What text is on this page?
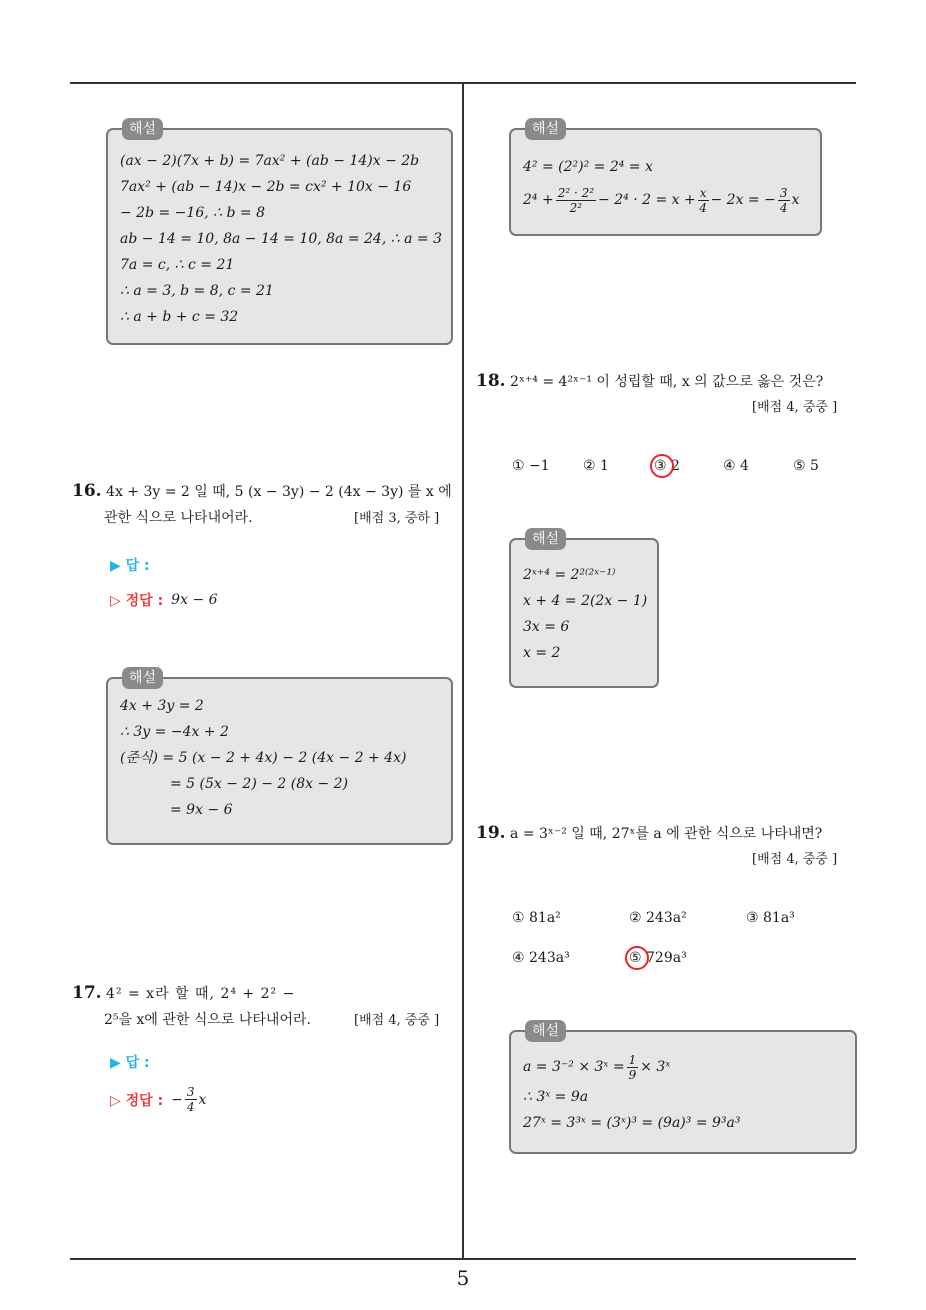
5
해설
(ax − 2)(7x + b) = 7ax² + (ab − 14)x − 2b
7ax² + (ab − 14)x − 2b = cx² + 10x − 16
− 2b = −16, ∴ b = 8
ab − 14 = 10, 8a − 14 = 10, 8a = 24, ∴ a = 3
7a = c, ∴ c = 21
∴ a = 3, b = 8, c = 21
∴ a + b + c = 32
16. 4x + 3y = 2 일 때, 5 (x − 3y) − 2 (4x − 3y) 를 x 에
관한 식으로 나타내어라.	[배점 3, 중하 ]
▶ 답 :
▷ 정답 : 9x − 6
해설
4x + 3y = 2
∴ 3y = −4x + 2
(준식) = 5 (x − 2 + 4x) − 2 (4x − 2 + 4x)
= 5 (5x − 2) − 2 (8x − 2)
= 9x − 6
17. 4² = x라 할 때, 2⁴ + 2² −
2⁵을 x에 관한 식으로 나타내어라.	[배점 4, 중중 ]
▶ 답 :
▷ 정답 : − $\frac{3}{4}$ x
해설
4² = (2²)² = 2⁴ = x
$2^4 + \frac{\text{2² · 2²}}{\text{2²}} - 2^4 \cdot 2 = x + \frac{x}{4} - 2x$ = − $\frac{3}{4}$ x
18. 2ˣ⁺⁴ = 4²ˣ⁻¹ 이 성립할 때, x 의 값으로 옳은 것은?
[배점 4, 중중 ]
① −1 ② 1	③ 2	④ 4	⑤ 5
해설
2ˣ⁺⁴ = 2²⁽²ˣ⁻¹⁾
x + 4 = 2(2x − 1)
3x = 6
x = 2
19. a = 3ˣ⁻² 일 때, 27ˣ를 a 에 관한 식으로 나타내면?
[배점 4, 중중 ]
① 81a²	② 243a²	③ 81a³
④ 243a³	⑤ 729a³
해설
a = 3⁻² × 3ˣ = $\frac{1}{9}$ × 3ˣ
∴ 3ˣ = 9a
27ˣ = 3³ˣ = (3ˣ)³ = (9a)³ = 9³a³
